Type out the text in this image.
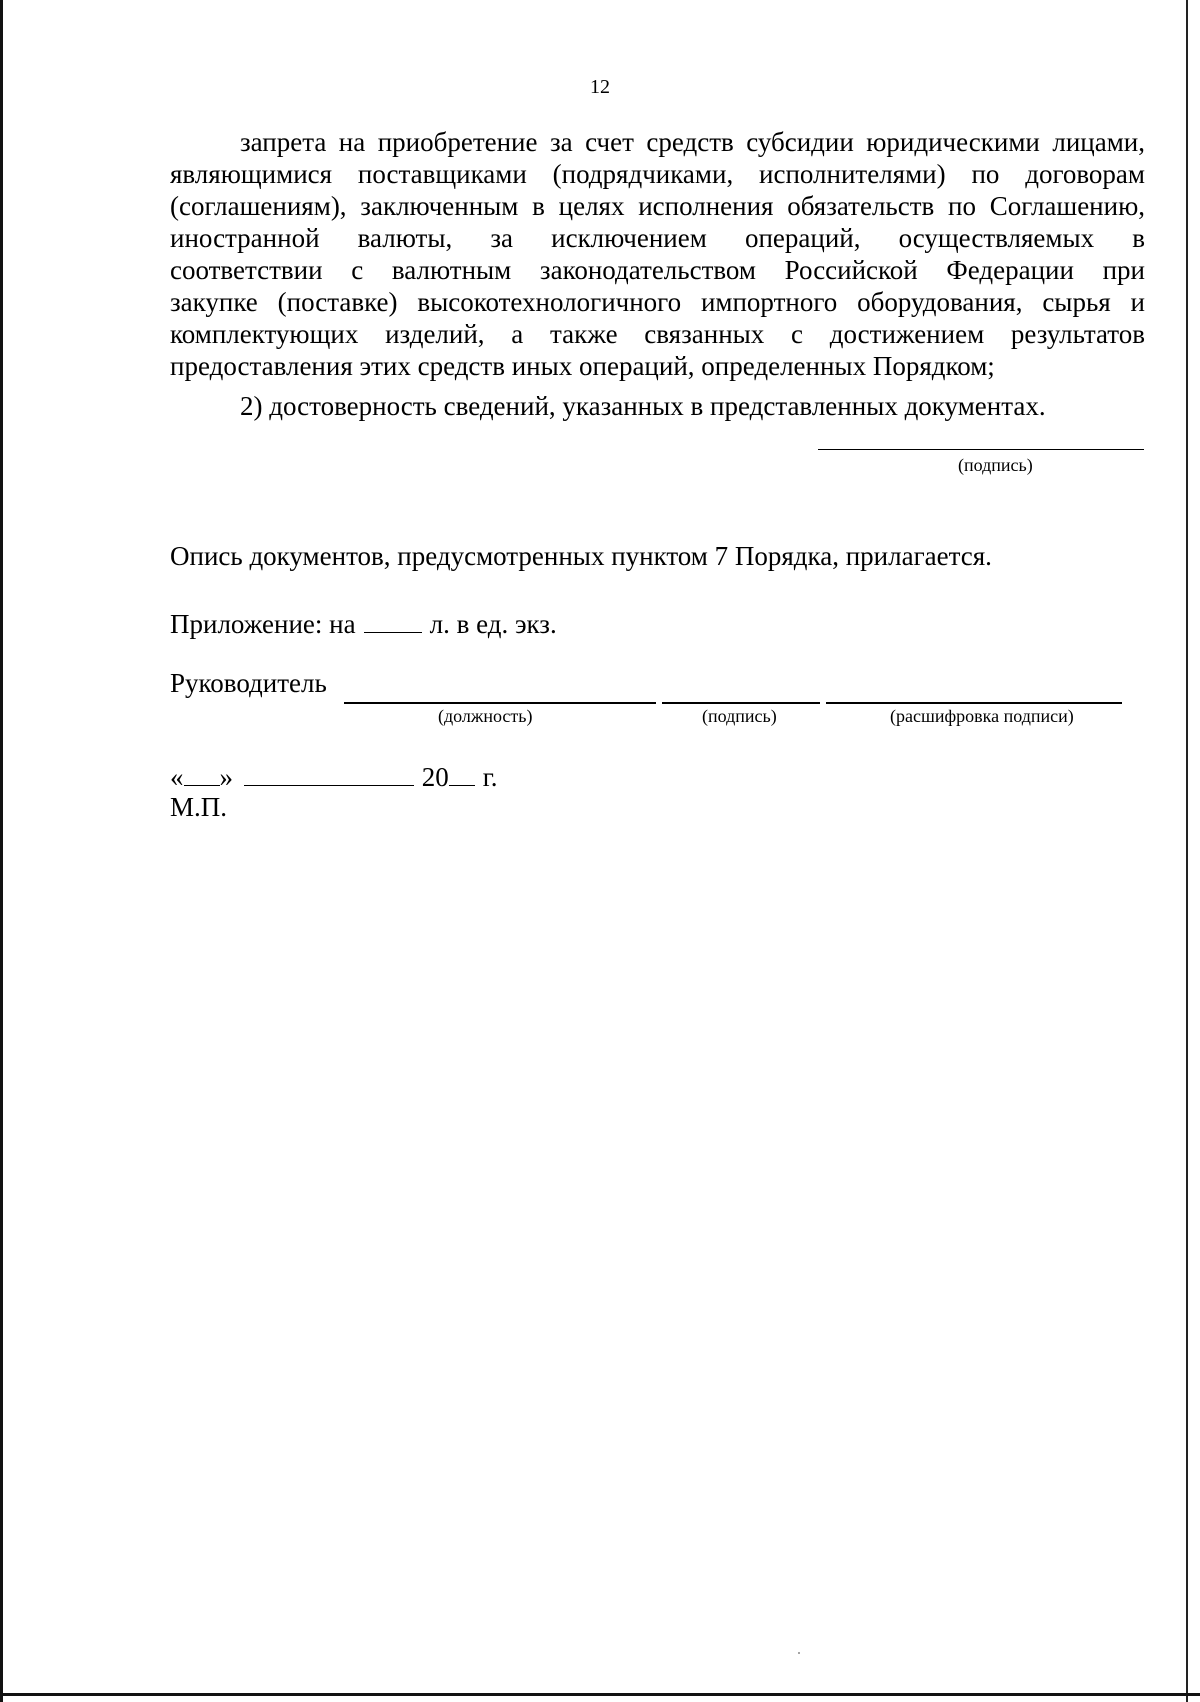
12
запрета на приобретение за счет средств субсидии юридическими лицами,
являющимися поставщиками (подрядчиками, исполнителями) по договорам
(соглашениям), заключенным в целях исполнения обязательств по Соглашению,
иностранной валюты, за исключением операций, осуществляемых в
соответствии с валютным законодательством Российской Федерации при
закупке (поставке) высокотехнологичного импортного оборудования, сырья и
комплектующих изделий, а также связанных с достижением результатов
предоставления этих средств иных операций, определенных Порядком;
2) достоверность сведений, указанных в представленных документах.
(подпись)
Опись документов, предусмотренных пунктом 7 Порядка, прилагается.
Приложение: на	л. в ед. экз.
Руководитель
(должность)	(подпись)	(расшифровка подписи)
« »	20 г.
М.П.
